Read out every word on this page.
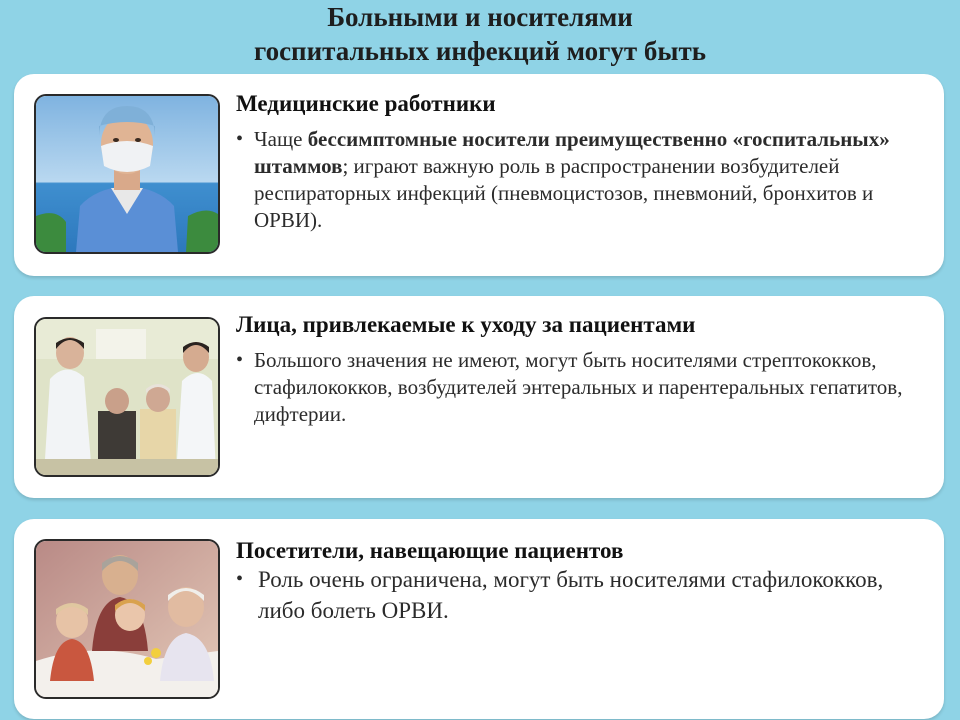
Больными и носителями
госпитальных инфекций могут быть
Медицинские работники
• Чаще бессимптомные носители преимущественно «госпитальных» штаммов; играют важную роль в распространении возбудителей респираторных инфекций (пневмоцистозов, пневмоний, бронхитов и ОРВИ).
Лица, привлекаемые к уходу за пациентами
• Большого значения не имеют, могут быть носителями стрептококков, стафилококков, возбудителей энтеральных и парентеральных гепатитов, дифтерии.
Посетители, навещающие пациентов
• Роль очень ограничена, могут быть носителями стафилококков, либо болеть ОРВИ.
